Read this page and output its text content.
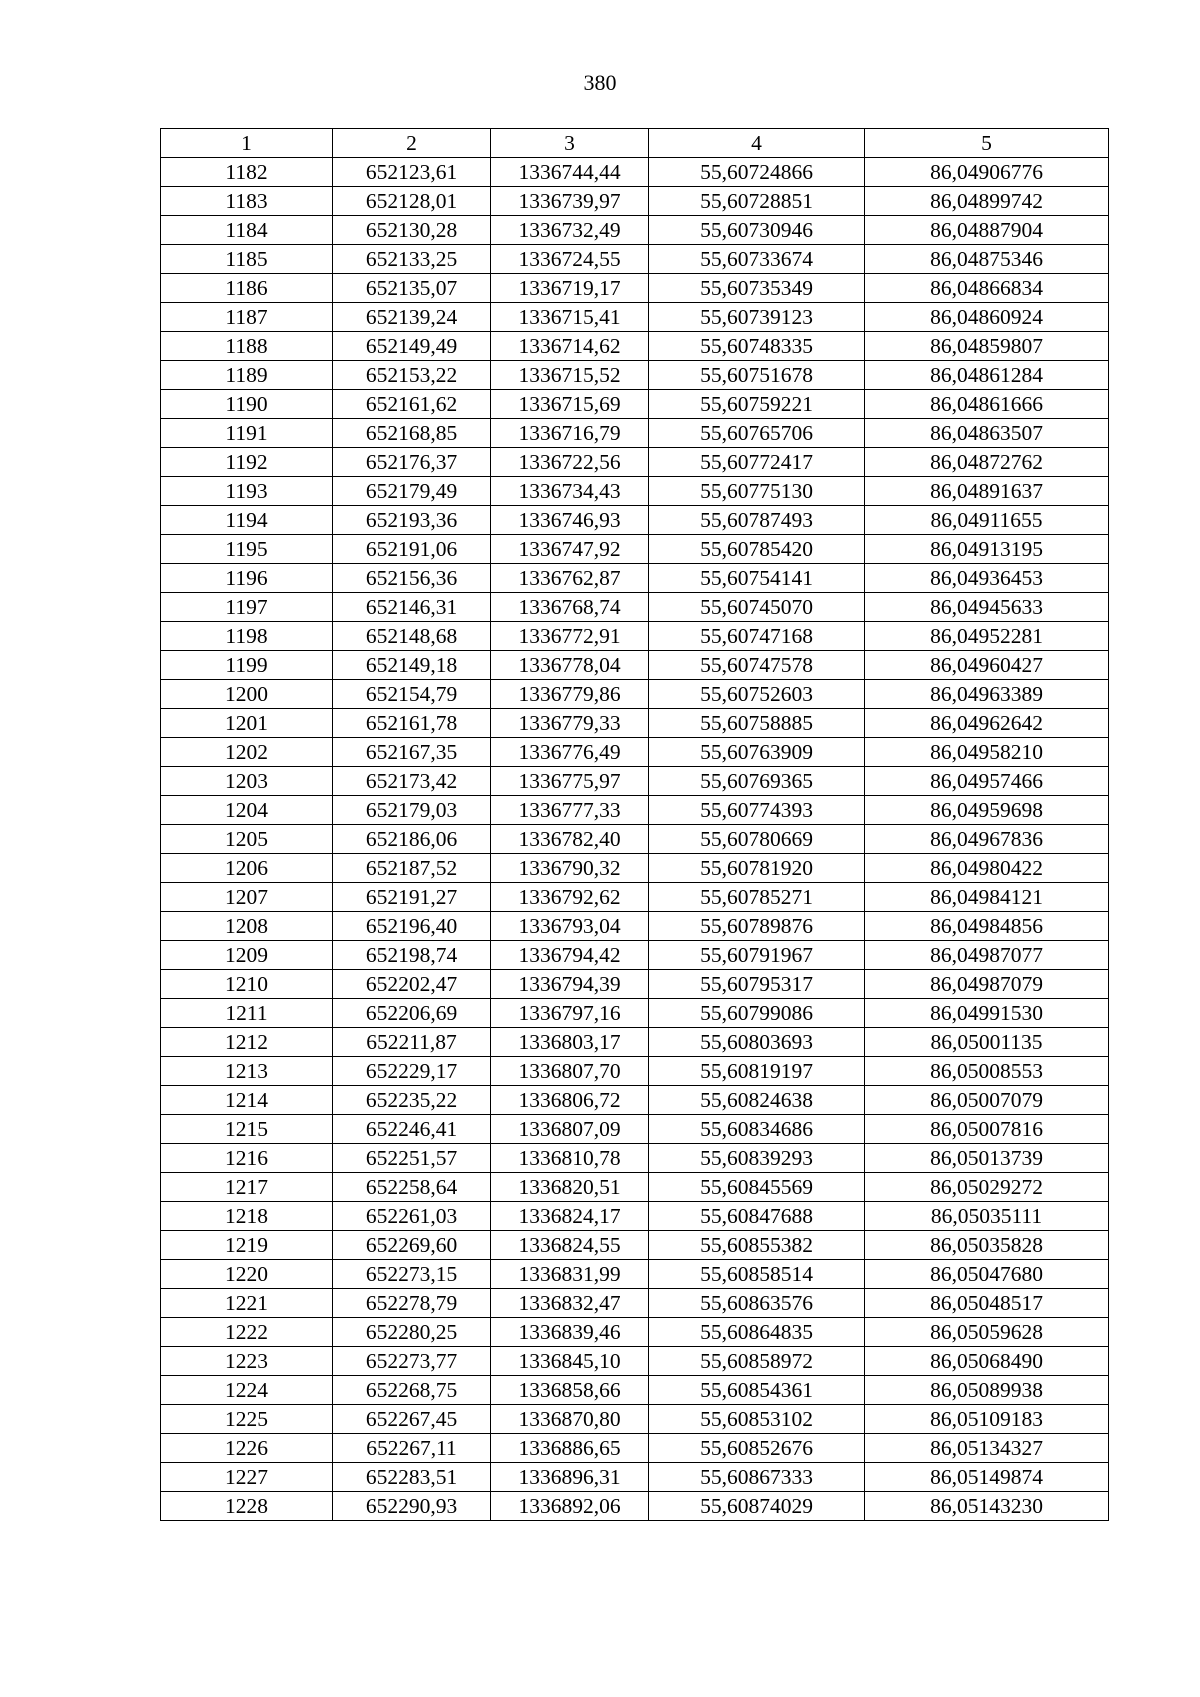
380
1	2	3	4	5
1182	652123,61	1336744,44	55,60724866	86,04906776
1183	652128,01	1336739,97	55,60728851	86,04899742
1184	652130,28	1336732,49	55,60730946	86,04887904
1185	652133,25	1336724,55	55,60733674	86,04875346
1186	652135,07	1336719,17	55,60735349	86,04866834
1187	652139,24	1336715,41	55,60739123	86,04860924
1188	652149,49	1336714,62	55,60748335	86,04859807
1189	652153,22	1336715,52	55,60751678	86,04861284
1190	652161,62	1336715,69	55,60759221	86,04861666
1191	652168,85	1336716,79	55,60765706	86,04863507
1192	652176,37	1336722,56	55,60772417	86,04872762
1193	652179,49	1336734,43	55,60775130	86,04891637
1194	652193,36	1336746,93	55,60787493	86,04911655
1195	652191,06	1336747,92	55,60785420	86,04913195
1196	652156,36	1336762,87	55,60754141	86,04936453
1197	652146,31	1336768,74	55,60745070	86,04945633
1198	652148,68	1336772,91	55,60747168	86,04952281
1199	652149,18	1336778,04	55,60747578	86,04960427
1200	652154,79	1336779,86	55,60752603	86,04963389
1201	652161,78	1336779,33	55,60758885	86,04962642
1202	652167,35	1336776,49	55,60763909	86,04958210
1203	652173,42	1336775,97	55,60769365	86,04957466
1204	652179,03	1336777,33	55,60774393	86,04959698
1205	652186,06	1336782,40	55,60780669	86,04967836
1206	652187,52	1336790,32	55,60781920	86,04980422
1207	652191,27	1336792,62	55,60785271	86,04984121
1208	652196,40	1336793,04	55,60789876	86,04984856
1209	652198,74	1336794,42	55,60791967	86,04987077
1210	652202,47	1336794,39	55,60795317	86,04987079
1211	652206,69	1336797,16	55,60799086	86,04991530
1212	652211,87	1336803,17	55,60803693	86,05001135
1213	652229,17	1336807,70	55,60819197	86,05008553
1214	652235,22	1336806,72	55,60824638	86,05007079
1215	652246,41	1336807,09	55,60834686	86,05007816
1216	652251,57	1336810,78	55,60839293	86,05013739
1217	652258,64	1336820,51	55,60845569	86,05029272
1218	652261,03	1336824,17	55,60847688	86,05035111
1219	652269,60	1336824,55	55,60855382	86,05035828
1220	652273,15	1336831,99	55,60858514	86,05047680
1221	652278,79	1336832,47	55,60863576	86,05048517
1222	652280,25	1336839,46	55,60864835	86,05059628
1223	652273,77	1336845,10	55,60858972	86,05068490
1224	652268,75	1336858,66	55,60854361	86,05089938
1225	652267,45	1336870,80	55,60853102	86,05109183
1226	652267,11	1336886,65	55,60852676	86,05134327
1227	652283,51	1336896,31	55,60867333	86,05149874
1228	652290,93	1336892,06	55,60874029	86,05143230
